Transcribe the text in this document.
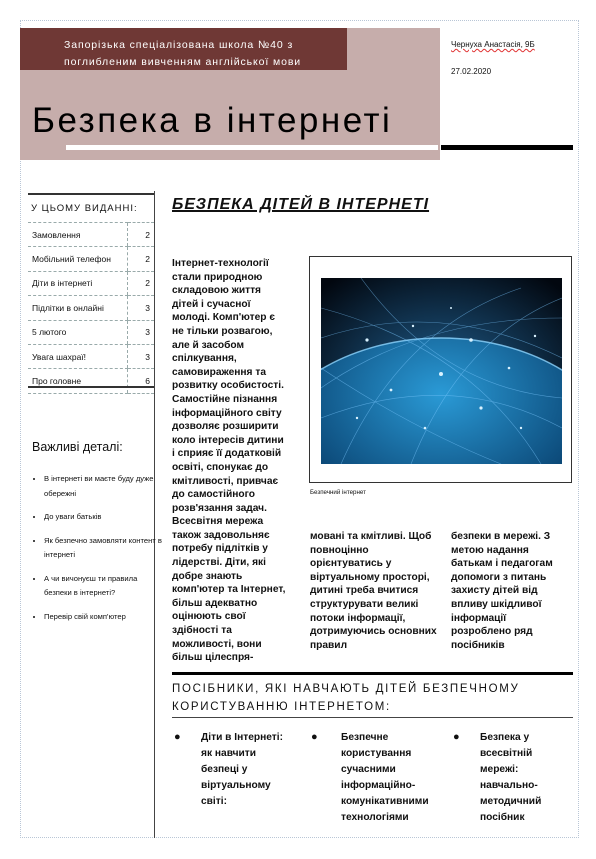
Запорізька спеціалізована школа №40 з поглибленим вивченням англійської мови

Безпека в інтернеті
Чернуха Анастасія, 9Б
27.02.2020
У ЦЬОМУ ВИДАННІ:
Замовлення	2
Мобільний телефон	2
Діти в інтернеті	2
Підлітки в онлайні	3
5 лютого	3
Увага шахраї!	3
Про головне	6
Важливі деталі:
• В інтернеті ви маєте буду дуже обережні
• До уваги батьків
• Як безпечно замовляти контент в інтернеті
• А чи вичонуєш ти правила безпеки в інтернеті?
• Перевір свій комп'ютер
БЕЗПЕКА ДІТЕЙ В ІНТЕРНЕТІ

Інтернет-технології стали природною складовою життя дітей і сучасної молоді. Комп'ютер є не тільки розвагою, але й засобом спілкування, самовираження та розвитку особистості. Самостійне пізнання інформаційного світу дозволяє розширити коло інтересів дитини і сприяє її додатковій освіті, спонукає до кмітливості, привчає до самостійного розв'язання задач. Всесвітня мережа також задовольняє потребу підлітків у лідерстві. Діти, які добре знають комп'ютер та Інтернет, більш адекватно оцінюють свої здібності та можливості, вони більш цілеспря-

Безпечний інтернет

мовані та кмітливі. Щоб повноцінно орієнтуватись у віртуальному просторі, дитині треба вчитися структурувати великі потоки інформації, дотримуючись основних правил

безпеки в мережі. З метою надання батькам і педагогам допомоги з питань захисту дітей від впливу шкідливої інформації розроблено ряд посібників

ПОСІБНИКИ, ЯКІ НАВЧАЮТЬ ДІТЕЙ БЕЗПЕЧНОМУ КОРИСТУВАННЮ ІНТЕРНЕТОМ:
● Діти в Інтернеті: як навчити безпеці у віртуальному світі:

● Безпечне користування сучасними інформаційно-комунікативними технологіями

● Безпека у всесвітній мережі: навчально-методичний посібник
